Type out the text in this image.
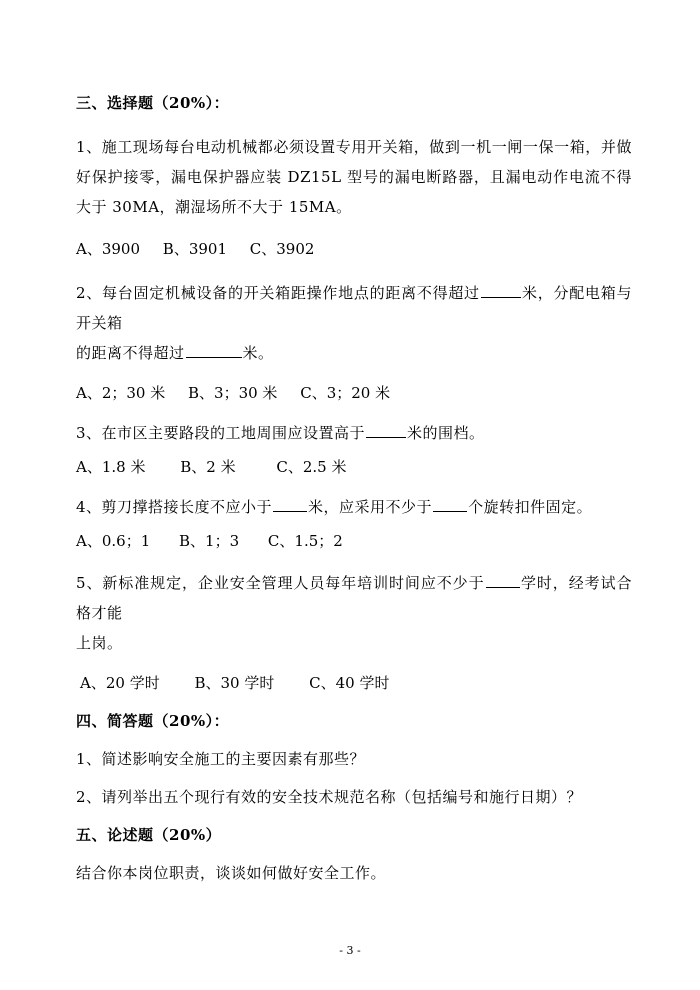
三、选择题（20%）：
1、施工现场每台电动机械都必须设置专用开关箱，做到一机一闸一保一箱，并做好保护接零，漏电保护器应装 DZ15L 型号的漏电断路器，且漏电动作电流不得大于 30MA，潮湿场所不大于 15MA。
A、3900 B、3901 C、3902
2、每台固定机械设备的开关箱距操作地点的距离不得超过	米，分配电箱与开关箱
的距离不得超过	米。
A、2；30 米 B、3；30 米 C、3；20 米
3、在市区主要路段的工地周围应设置高于	米的围档。
A、1.8 米 B、2 米	C、2.5 米
4、剪刀撑搭接长度不应小于 米，应采用不少于 个旋转扣件固定。
A、0.6；1 B、1；3 C、1.5；2
5、新标准规定，企业安全管理人员每年培训时间应不少于 学时，经考试合格才能
上岗。
A、20 学时 B、30 学时 C、40 学时
四、简答题（20%）：
1、简述影响安全施工的主要因素有那些？
2、请列举出五个现行有效的安全技术规范名称（包括编号和施行日期）？
五、论述题（20%）
结合你本岗位职责，谈谈如何做好安全工作。
- 3 -
